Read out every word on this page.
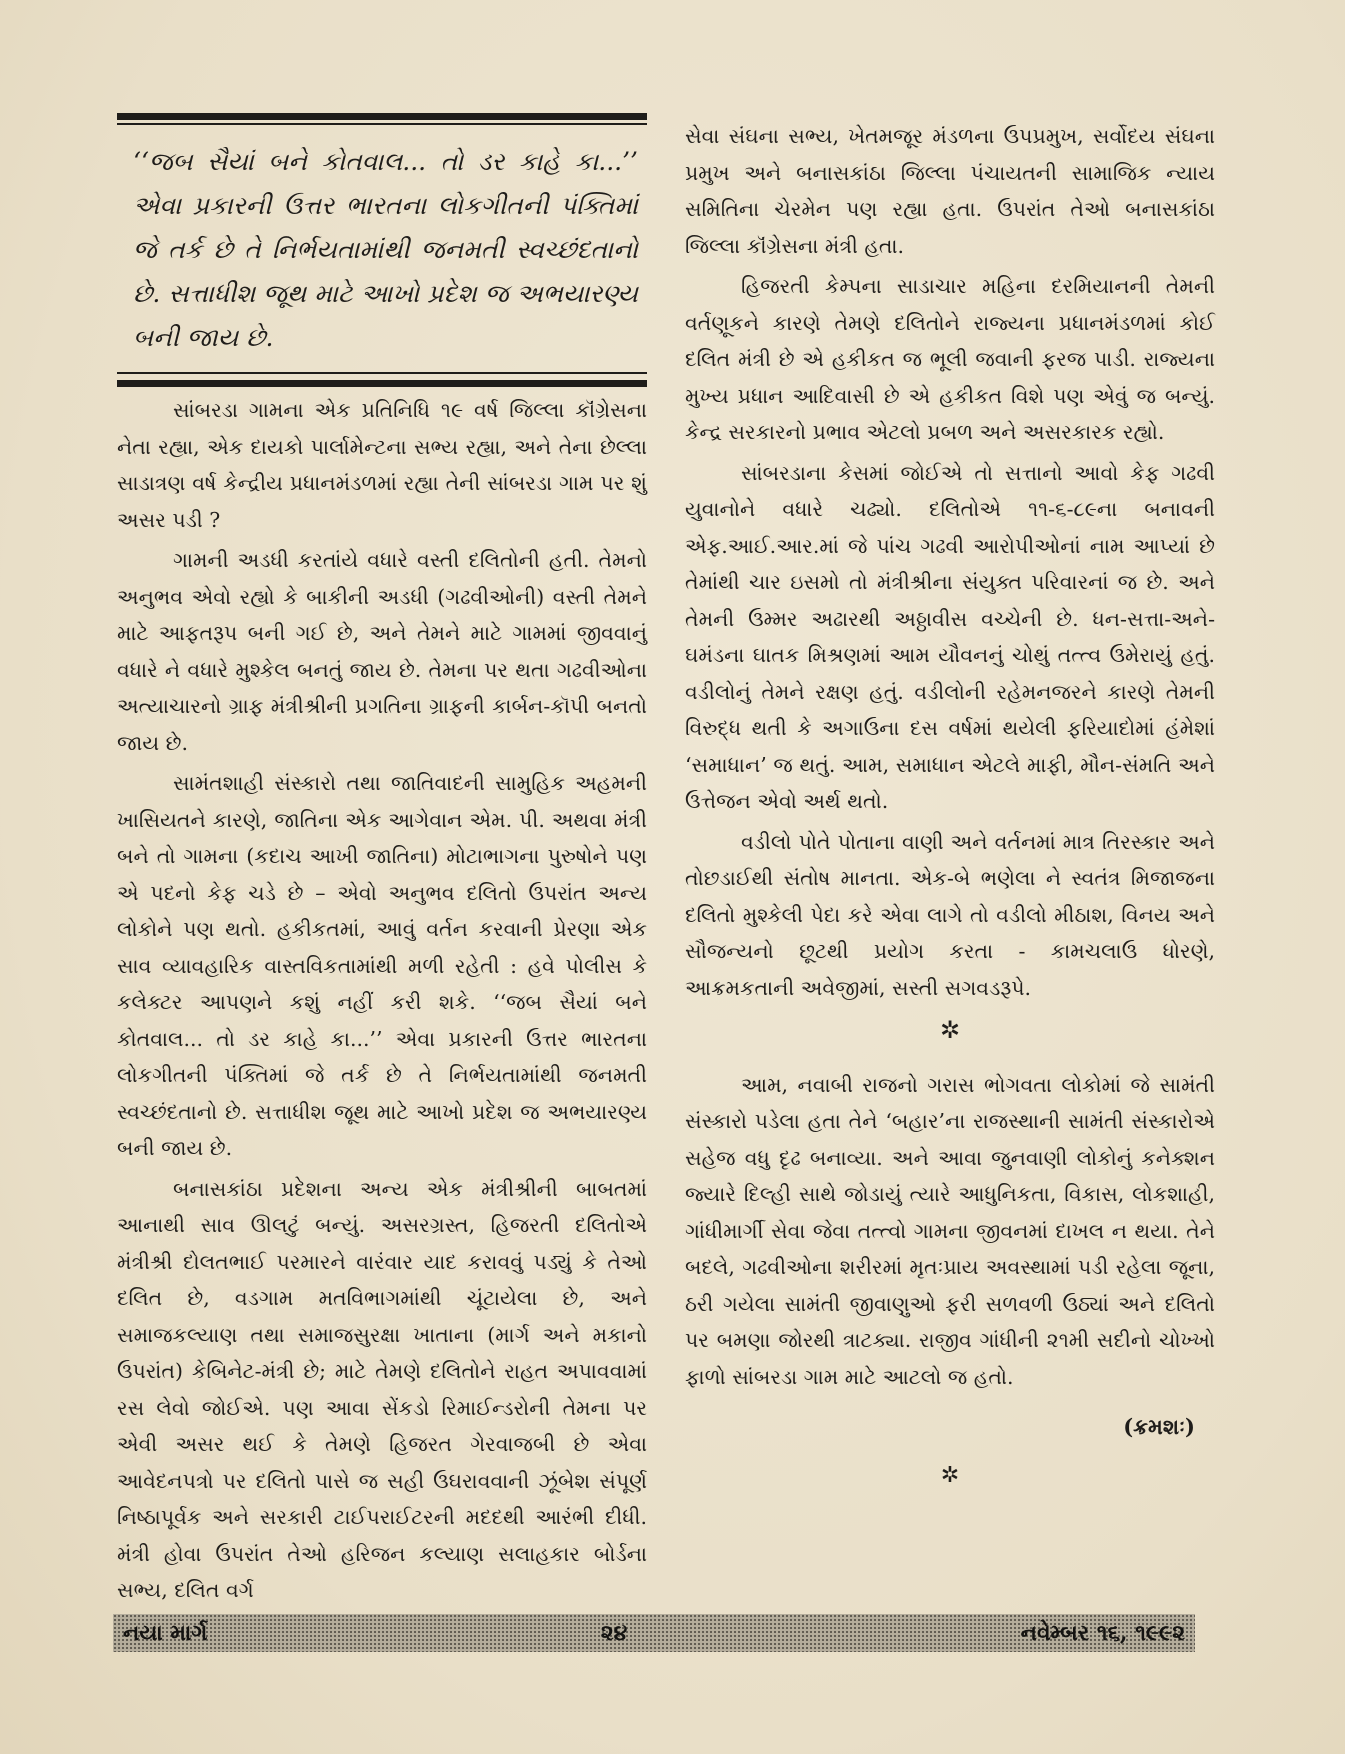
‘‘જબ સૈયાં બને કોતવાલ... તો ડર કાહે કા...’’ એવા પ્રકારની ઉત્તર ભારતના લોકગીતની પંક્તિમાં જે તર્ક છે તે નિર્ભયતામાંથી જનમતી સ્વચ્છંદતાનો છે. સત્તાધીશ જૂથ માટે આખો પ્રદેશ જ અભયારણ્ય બની જાય છે.

સાંબરડા ગામના એક પ્રતિનિધિ ૧૯ વર્ષ જિલ્લા કૉંગ્રેસના નેતા રહ્યા, એક દાયકો પાર્લામેન્ટના સભ્ય રહ્યા, અને તેના છેલ્લા સાડાત્રણ વર્ષ કેન્દ્રીય પ્રધાનમંડળમાં રહ્યા તેની સાંબરડા ગામ પર શું અસર પડી ?

ગામની અડધી કરતાંયે વધારે વસ્તી દલિતોની હતી. તેમનો અનુભવ એવો રહ્યો કે બાકીની અડધી (ગઢવીઓની) વસ્તી તેમને માટે આફતરૂપ બની ગઈ છે, અને તેમને માટે ગામમાં જીવવાનું વધારે ને વધારે મુશ્કેલ બનતું જાય છે. તેમના પર થતા ગઢવીઓના અત્યાચારનો ગ્રાફ મંત્રીશ્રીની પ્રગતિના ગ્રાફની કાર્બન-કૉપી બનતો જાય છે.

સામંતશાહી સંસ્કારો તથા જાતિવાદની સામુહિક અહમની ખાસિયતને કારણે, જાતિના એક આગેવાન એમ. પી. અથવા મંત્રી બને તો ગામના (કદાચ આખી જાતિના) મોટાભાગના પુરુષોને પણ એ પદનો કેફ ચડે છે – એવો અનુભવ દલિતો ઉપરાંત અન્ય લોકોને પણ થતો. હકીકતમાં, આવું વર્તન કરવાની પ્રેરણા એક સાવ વ્યાવહારિક વાસ્તવિકતામાંથી મળી રહેતી : હવે પોલીસ કે કલેક્ટર આપણને કશું નહીં કરી શકે. ‘‘જબ સૈયાં બને કોતવાલ... તો ડર કાહે કા...’’ એવા પ્રકારની ઉત્તર ભારતના લોકગીતની પંક્તિમાં જે તર્ક છે તે નિર્ભયતામાંથી જનમતી સ્વચ્છંદતાનો છે. સત્તાધીશ જૂથ માટે આખો પ્રદેશ જ અભયારણ્ય બની જાય છે.

બનાસકાંઠા પ્રદેશના અન્ય એક મંત્રીશ્રીની બાબતમાં આનાથી સાવ ઊલટું બન્યું. અસરગ્રસ્ત, હિજરતી દલિતોએ મંત્રીશ્રી દોલતભાઈ પરમારને વારંવાર યાદ કરાવવું પડ્યું કે તેઓ દલિત છે, વડગામ મતવિભાગમાંથી ચૂંટાયેલા છે, અને સમાજકલ્યાણ તથા સમાજસુરક્ષા ખાતાના (માર્ગ અને મકાનો ઉપરાંત) કેબિનેટ-મંત્રી છે; માટે તેમણે દલિતોને રાહત અપાવવામાં રસ લેવો જોઈએ. પણ આવા સેંકડો રિમાઈન્ડરોની તેમના પર એવી અસર થઈ કે તેમણે હિજરત ગેરવાજબી છે એવા આવેદનપત્રો પર દલિતો પાસે જ સહી ઉઘરાવવાની ઝૂંબેશ સંપૂર્ણ નિષ્ઠાપૂર્વક અને સરકારી ટાઈપરાઈટરની મદદથી આરંભી દીધી. મંત્રી હોવા ઉપરાંત તેઓ હરિજન કલ્યાણ સલાહકાર બોર્ડના સભ્ય, દલિત વર્ગ

સેવા સંઘના સભ્ય, ખેતમજૂર મંડળના ઉપપ્રમુખ, સર્વોદય સંઘના પ્રમુખ અને બનાસકાંઠા જિલ્લા પંચાયતની સામાજિક ન્યાય સમિતિના ચેરમેન પણ રહ્યા હતા. ઉપરાંત તેઓ બનાસકાંઠા જિલ્લા કૉંગ્રેસના મંત્રી હતા.

હિજરતી કેમ્પના સાડાચાર મહિના દરમિયાનની તેમની વર્તણૂકને કારણે તેમણે દલિતોને રાજ્યના પ્રધાનમંડળમાં કોઈ દલિત મંત્રી છે એ હકીકત જ ભૂલી જવાની ફરજ પાડી. રાજ્યના મુખ્ય પ્રધાન આદિવાસી છે એ હકીકત વિશે પણ એવું જ બન્યું. કેન્દ્ર સરકારનો પ્રભાવ એટલો પ્રબળ અને અસરકારક રહ્યો.

સાંબરડાના કેસમાં જોઈએ તો સત્તાનો આવો કેફ ગઢવી યુવાનોને વધારે ચઢ્યો. દલિતોએ ૧૧-૬-૮૯ના બનાવની એફ.આઈ.આર.માં જે પાંચ ગઢવી આરોપીઓનાં નામ આપ્યાં છે તેમાંથી ચાર ઇસમો તો મંત્રીશ્રીના સંયુક્ત પરિવારનાં જ છે. અને તેમની ઉમ્મર અઢારથી અઠ્ઠાવીસ વચ્ચેની છે. ધન-સત્તા-અને-ઘમંડના ઘાતક મિશ્રણમાં આમ યૌવનનું ચોથું તત્ત્વ ઉમેરાયું હતું. વડીલોનું તેમને રક્ષણ હતું. વડીલોની રહેમનજરને કારણે તેમની વિરુદ્ધ થતી કે અગાઉના દસ વર્ષમાં થયેલી ફરિયાદોમાં હંમેશાં ‘સમાધાન’ જ થતું. આમ, સમાધાન એટલે માફી, મૌન-સંમતિ અને ઉત્તેજન એવો અર્થ થતો.

વડીલો પોતે પોતાના વાણી અને વર્તનમાં માત્ર તિરસ્કાર અને તોછડાઈથી સંતોષ માનતા. એક-બે ભણેલા ને સ્વતંત્ર મિજાજના દલિતો મુશ્કેલી પેદા કરે એવા લાગે તો વડીલો મીઠાશ, વિનય અને સૌજન્યનો છૂટથી પ્રયોગ કરતા - કામચલાઉ ધોરણે, આક્રમકતાની અવેજીમાં, સસ્તી સગવડરૂપે.

✲

આમ, નવાબી રાજનો ગરાસ ભોગવતા લોકોમાં જે સામંતી સંસ્કારો પડેલા હતા તેને ‘બહાર’ના રાજસ્થાની સામંતી સંસ્કારોએ સહેજ વધુ દૃઢ બનાવ્યા. અને આવા જુનવાણી લોકોનું કનેક્શન જ્યારે દિલ્હી સાથે જોડાયું ત્યારે આધુનિકતા, વિકાસ, લોકશાહી, ગાંધીમાર્ગી સેવા જેવા તત્ત્વો ગામના જીવનમાં દાખલ ન થયા. તેને બદલે, ગઢવીઓના શરીરમાં મૃતઃપ્રાય અવસ્થામાં પડી રહેલા જૂના, ઠરી ગયેલા સામંતી જીવાણુઓ ફરી સળવળી ઉઠ્યાં અને દલિતો પર બમણા જોરથી ત્રાટક્યા. રાજીવ ગાંધીની ૨૧મી સદીનો ચોખ્ખો ફાળો સાંબરડા ગામ માટે આટલો જ હતો.

(ક્રમશઃ)
✲
નયા માર્ગ	૨૪	નવેમ્બર ૧૬, ૧૯૯૨
